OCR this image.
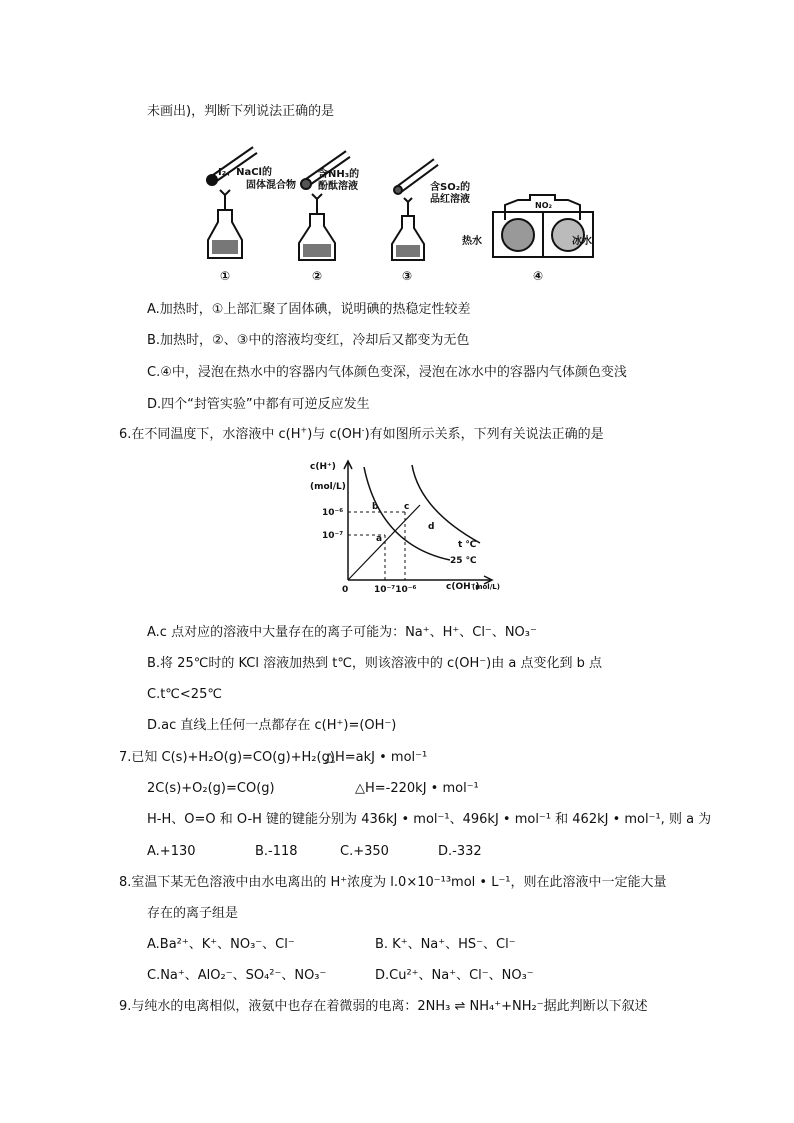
未画出)，判断下列说法正确的是
I₂、NaCl的
固体混合物
含NH₃的
酚酞溶液	含SO₂的
品红溶液
NO₂
热水	冰水
①	②	③	④
A.加热时，①上部汇聚了固体碘，说明碘的热稳定性较差
B.加热时，②、③中的溶液均变红，冷却后又都变为无色
C.④中，浸泡在热水中的容器内气体颜色变深，浸泡在冰水中的容器内气体颜色变浅
D.四个“封管实验”中都有可逆反应发生
6.在不同温度下，水溶液中 c(H+)与 c(OH-)有如图所示关系，下列有关说法正确的是
c(H⁺)
(mol/L)
10⁻⁶
10⁻⁷
0	10⁻⁷10⁻⁶	c(OH⁻)
(mol/L)
a
b	c
d
t ℃
25 ℃
A.c 点对应的溶液中大量存在的离子可能为：Na⁺、H⁺、Cl⁻、NO₃⁻
B.将 25℃时的 KCl 溶液加热到 t℃，则该溶液中的 c(OH⁻)由 a 点变化到 b 点
C.t℃<25℃
D.ac 直线上任何一点都存在 c(H⁺)=(OH⁻)
7.已知 C(s)+H₂O(g)=CO(g)+H₂(g)
△H=akJ • mol⁻¹
2C(s)+O₂(g)=CO(g)	△H=-220kJ • mol⁻¹
H-H、O=O 和 O-H 键的键能分别为 436kJ • mol⁻¹、496kJ • mol⁻¹ 和 462kJ • mol⁻¹, 则 a 为
A.+130	B.-118	C.+350	D.-332
8.室温下某无色溶液中由水电离出的 H⁺浓度为 l.0×10⁻¹³mol • L⁻¹，则在此溶液中一定能大量
存在的离子组是
A.Ba²⁺、K⁺、NO₃⁻、Cl⁻	B. K⁺、Na⁺、HS⁻、Cl⁻
C.Na⁺、AlO₂⁻、SO₄²⁻、NO₃⁻	D.Cu²⁺、Na⁺、Cl⁻、NO₃⁻
9.与纯水的电离相似，液氨中也存在着微弱的电离：2NH₃ ⇌ NH₄⁺+NH₂⁻据此判断以下叙述
